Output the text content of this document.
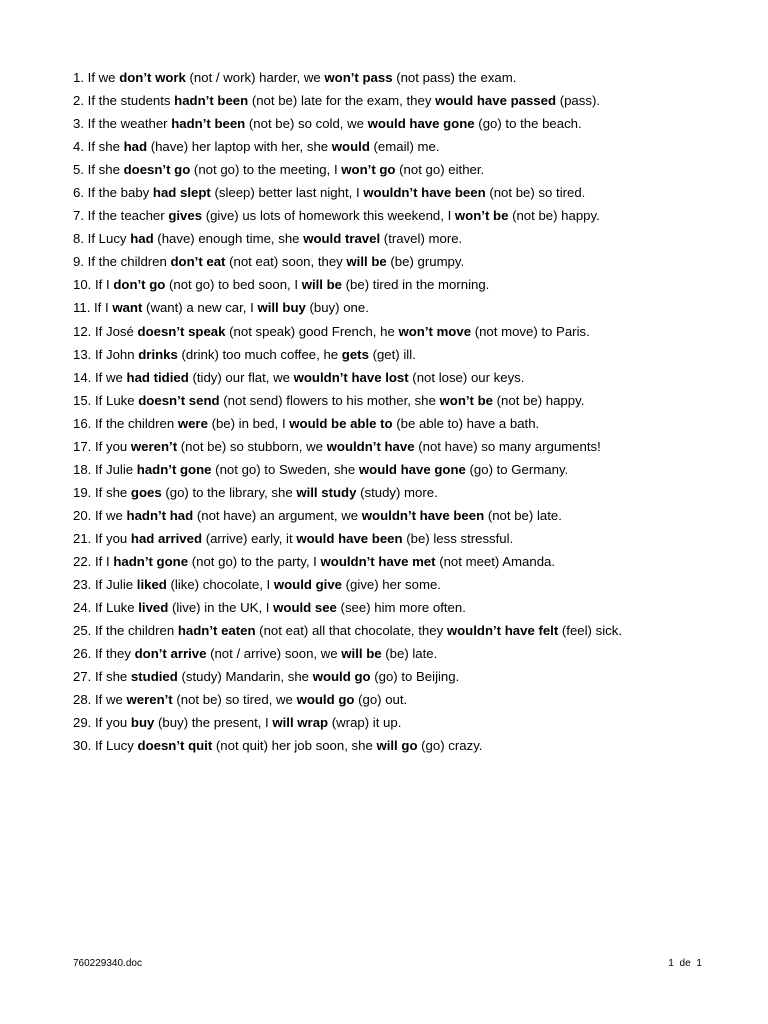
1. If we don’t work (not / work) harder, we won’t pass (not pass) the exam.
2. If the students hadn’t been (not be) late for the exam, they would have passed (pass).
3. If the weather hadn’t been (not be) so cold, we would have gone (go) to the beach.
4. If she had (have) her laptop with her, she would (email) me.
5. If she doesn’t go (not go) to the meeting, I won’t go (not go) either.
6. If the baby had slept (sleep) better last night, I wouldn’t have been (not be) so tired.
7. If the teacher gives (give) us lots of homework this weekend, I won’t be (not be) happy.
8. If Lucy had (have) enough time, she would travel (travel) more.
9. If the children don’t eat (not eat) soon, they will be (be) grumpy.
10. If I don’t go (not go) to bed soon, I will be (be) tired in the morning.
11. If I want (want) a new car, I will buy (buy) one.
12. If José doesn’t speak (not speak) good French, he won’t move (not move) to Paris.
13. If John drinks (drink) too much coffee, he gets (get) ill.
14. If we had tidied (tidy) our flat, we wouldn’t have lost (not lose) our keys.
15. If Luke doesn’t send (not send) flowers to his mother, she won’t be (not be) happy.
16. If the children were (be) in bed, I would be able to (be able to) have a bath.
17. If you weren’t (not be) so stubborn, we wouldn’t have (not have) so many arguments!
18. If Julie hadn’t gone (not go) to Sweden, she would have gone (go) to Germany.
19. If she goes (go) to the library, she will study (study) more.
20. If we hadn’t had (not have) an argument, we wouldn’t have been (not be) late.
21. If you had arrived (arrive) early, it would have been (be) less stressful.
22. If I hadn’t gone (not go) to the party, I wouldn’t have met (not meet) Amanda.
23. If Julie liked (like) chocolate, I would give (give) her some.
24. If Luke lived (live) in the UK, I would see (see) him more often.
25. If the children hadn’t eaten (not eat) all that chocolate, they wouldn’t have felt (feel) sick.
26. If they don’t arrive (not / arrive) soon, we will be (be) late.
27. If she studied (study) Mandarin, she would go (go) to Beijing.
28. If we weren’t (not be) so tired, we would go (go) out.
29. If you buy (buy) the present, I will wrap (wrap) it up.
30. If Lucy doesn’t quit (not quit) her job soon, she will go (go) crazy.
760229340.doc	1 de 1
